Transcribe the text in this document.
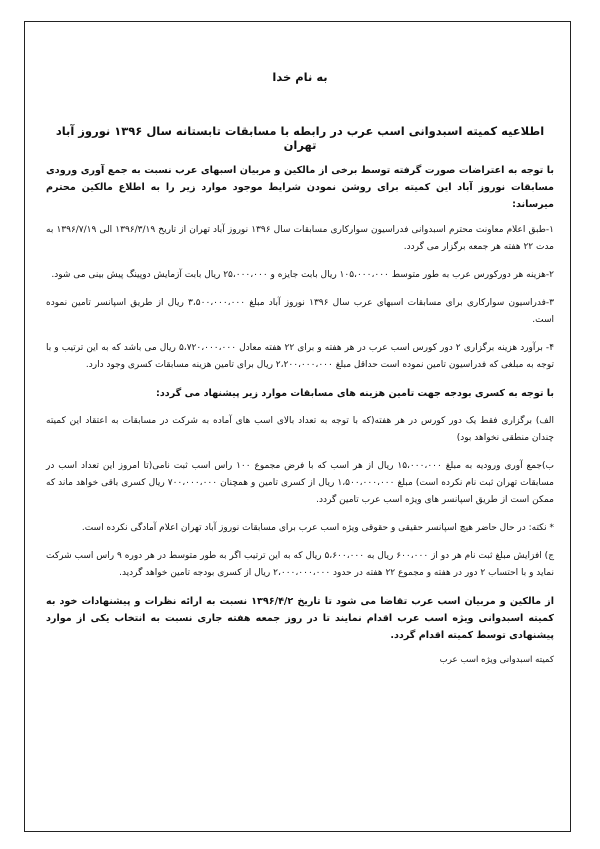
به نام خدا
اطلاعیه کمیته اسبدوانی اسب عرب در رابطه با مسابقات تابستانه سال ۱۳۹۶ نوروز آباد تهران

با توجه به اعتراضات صورت گرفته توسط برخی از مالکین و مربیان اسبهای عرب نسبت به جمع آوری ورودی مسابقات نوروز آباد این کمیته برای روشن نمودن شرایط موجود موارد زیر را به اطلاع مالکین محترم میرساند:

۱-طبق اعلام معاونت محترم اسبدوانی فدراسیون سوارکاری مسابقات سال ۱۳۹۶ نوروز آباد تهران از تاریخ ۱۳۹۶/۳/۱۹ الی ۱۳۹۶/۷/۱۹ به مدت ۲۲ هفته هر جمعه برگزار می گردد.

۲-هزینه هر دورکورس عرب به طور متوسط ۱۰۵،۰۰۰،۰۰۰ ریال بابت جایزه و ۲۵،۰۰۰،۰۰۰ ریال بابت آزمایش دوپینگ پیش بینی می شود.

۳-فدراسیون سوارکاری برای مسابقات اسبهای عرب سال ۱۳۹۶ نوروز آباد مبلغ ۳،۵۰۰،۰۰۰،۰۰۰ ریال از طریق اسپانسر تامین نموده است.

۴- برآورد هزینه برگزاری ۲ دور کورس اسب عرب در هر هفته و برای ۲۲ هفته معادل ۵،۷۲۰،۰۰۰،۰۰۰ ریال می باشد که به این ترتیب و با توجه به مبلغی که فدراسیون تامین نموده است حداقل مبلغ ۲،۲۰۰،۰۰۰،۰۰۰ ریال برای تامین هزینه مسابقات کسری وجود دارد.

با توجه به کسری بودجه جهت تامین هزینه های مسابقات موارد زیر پیشنهاد می گردد:

الف) برگزاری فقط یک دور کورس در هر هفته(که با توجه به تعداد بالای اسب های آماده به شرکت در مسابقات به اعتقاد این کمیته چندان منطقی نخواهد بود)

ب)جمع آوری ورودیه به مبلغ ۱۵،۰۰۰،۰۰۰ ریال از هر اسب که با فرض مجموع ۱۰۰ راس اسب ثبت نامی(تا امروز این تعداد اسب در مسابقات تهران ثبت نام نکرده است) مبلغ ۱،۵۰۰،۰۰۰،۰۰۰ ریال از کسری تامین و همچنان ۷۰۰،۰۰۰،۰۰۰ ریال کسری باقی خواهد ماند که ممکن است از طریق اسپانسر های ویژه اسب عرب تامین گردد.

* نکته: در حال حاضر هیچ اسپانسر حقیقی و حقوقی ویژه اسب عرب برای مسابقات نوروز آباد تهران اعلام آمادگی نکرده است.

ج) افزایش مبلغ ثبت نام هر دو از ۶۰۰،۰۰۰ ریال به ۵،۶۰۰،۰۰۰ ریال که به این ترتیب اگر به طور متوسط در هر دوره ۹ راس اسب شرکت نماید و با احتساب ۲ دور در هفته و مجموع ۲۲ هفته در حدود ۲،۰۰۰،۰۰۰،۰۰۰ ریال از کسری بودجه تامین خواهد گردید.

از مالکین و مربیان اسب عرب تقاضا می شود تا تاریخ ۱۳۹۶/۴/۲ نسبت به ارائه نظرات و پیشنهادات خود به کمیته اسبدوانی ویژه اسب عرب اقدام نمایند تا در روز جمعه هفته جاری نسبت به انتخاب یکی از موارد پیشنهادی توسط کمیته اقدام گردد.

کمیته اسبدوانی ویژه اسب عرب
